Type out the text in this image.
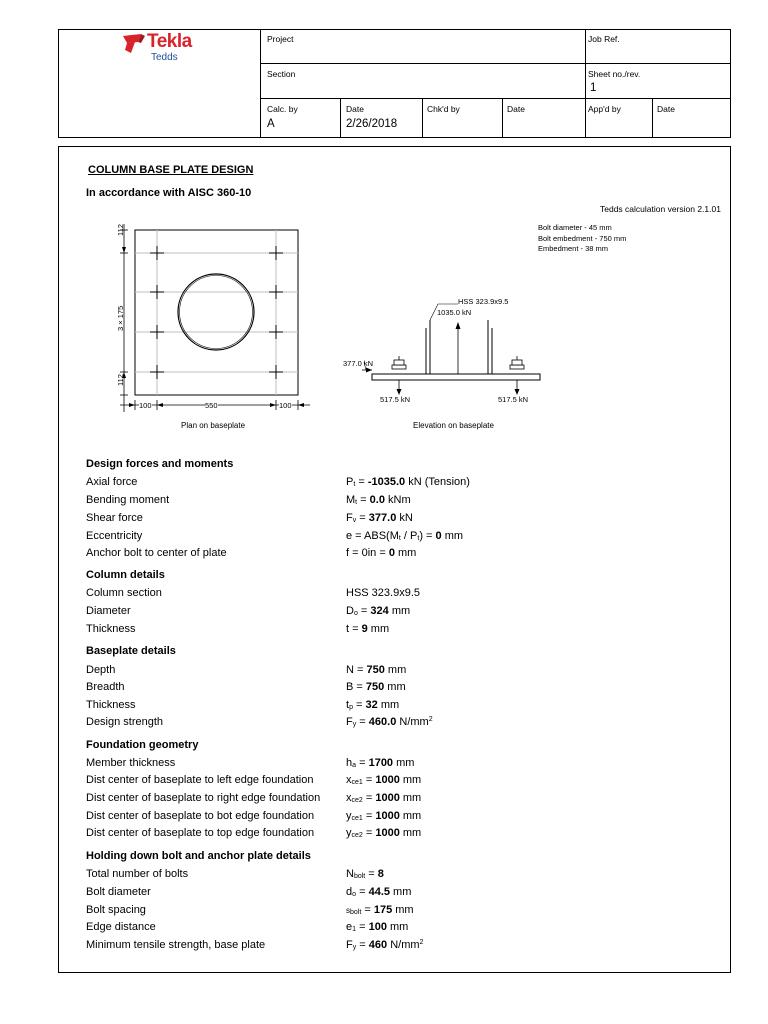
Tekla
Tedds
Project	Job Ref.
Section	Sheet no./rev.
1
Calc. by
A
Date
2/26/2018
Chk'd by	Date	App'd by	Date
COLUMN BASE PLATE DESIGN
In accordance with AISC 360-10
Tedds calculation version 2.1.01
112
3 × 175
112
100	550	100
Plan on baseplate
Bolt diameter - 45 mm
Bolt embedment - 750 mm
Embedment - 38 mm
HSS 323.9x9.5
1035.0 kN
377.0 kN
517.5 kN	517.5 kN
Elevation on baseplate
Design forces and moments
Axial force	$P_t = -1035.0$ kN (Tension)
Bending moment	$M_t = 0.0$ kNm
Shear force	$F_v = 377.0$ kN
Eccentricity	$e = ABS(M_t / P_t) = 0$ mm
Anchor bolt to center of plate	f = 0in = 0 mm
Column details
Column section	HSS 323.9x9.5
Diameter	$D_o = 324$ mm
Thickness	t = 9 mm
Baseplate details
Depth	N = 750 mm
Breadth	B = 750 mm
Thickness	$t_p = 32$ mm
Design strength	$F_y = 460.0$ $N/mm^2$
Foundation geometry
Member thickness	$h_a = 1700$ mm
Dist center of baseplate to left edge foundation	$x_{ce1} = 1000$ mm
Dist center of baseplate to right edge foundation $x_{ce2} = 1000$ mm
Dist center of baseplate to bot edge foundation	$y_{ce1} = 1000$ mm
Dist center of baseplate to top edge foundation	$y_{ce2} = 1000$ mm
Holding down bolt and anchor plate details
Total number of bolts	$N_{bolt} = 8$
Bolt diameter	$d_o = 44.5$ mm
Bolt spacing	$s_{bolt} = 175$ mm
Edge distance	$e_1 = 100$ mm
Minimum tensile strength, base plate	$F_y = 460$ $N/mm^2$
